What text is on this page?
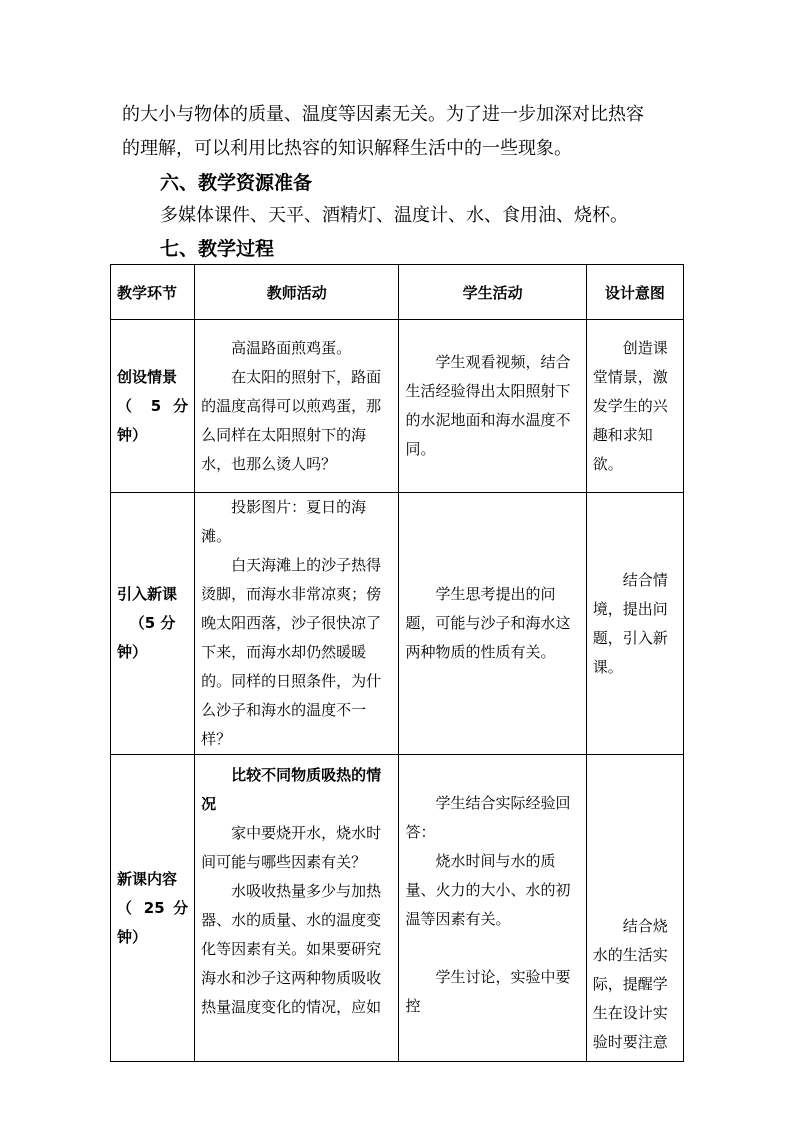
的大小与物体的质量、温度等因素无关。为了进一步加深对比热容
的理解，可以利用比热容的知识解释生活中的一些现象。
六、教学资源准备
多媒体课件、天平、酒精灯、温度计、水、食用油、烧杯。
七、教学过程
教学环节	教师活动	学生活动	设计意图

创设情景
（ 5 分
钟）	高温路面煎鸡蛋。
在太阳的照射下，路面的温度高得可以煎鸡蛋，那么同样在太阳照射下的海水，也那么烫人吗？	学生观看视频，结合生活经验得出太阳照射下的水泥地面和海水温度不同。	创造课堂情景，激发学生的兴趣和求知欲。

引入新课
（5 分
钟）	投影图片：夏日的海滩。
白天海滩上的沙子热得烫脚，而海水非常凉爽；傍晚太阳西落，沙子很快凉了下来，而海水却仍然暖暖的。同样的日照条件，为什么沙子和海水的温度不一样？	学生思考提出的问题，可能与沙子和海水这两种物质的性质有关。	结合情境，提出问题，引入新课。

新课内容
（ 25 分
钟）	比较不同物质吸热的情况
家中要烧开水，烧水时间可能与哪些因素有关？
水吸收热量多少与加热器、水的质量、水的温度变化等因素有关。如果要研究海水和沙子这两种物质吸收热量温度变化的情况，应如	学生结合实际经验回答：
烧水时间与水的质量、火力的大小、水的初温等因素有关。
学生讨论，实验中要控	结合烧水的生活实际，提醒学生在设计实验时要注意
